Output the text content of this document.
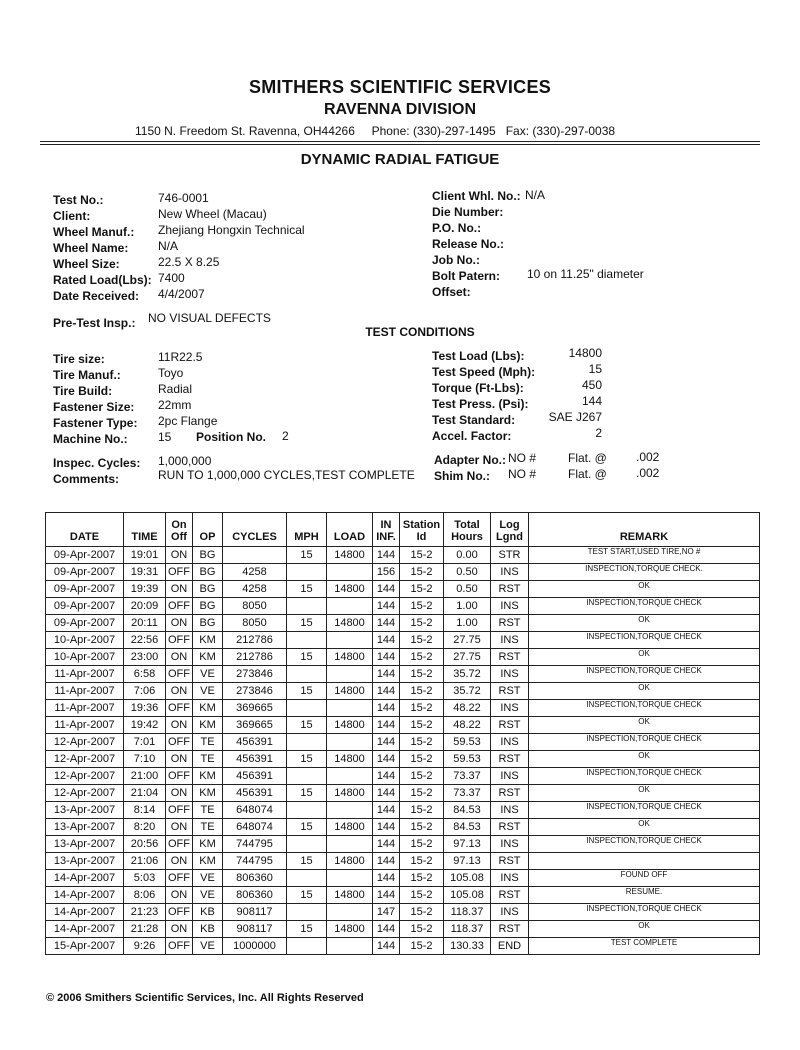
SMITHERS SCIENTIFIC SERVICES
RAVENNA DIVISION
1150 N. Freedom St. Ravenna, OH44266 Phone: (330)-297-1495 Fax: (330)-297-0038
DYNAMIC RADIAL FATIGUE
Test No.:	746-0001
Client:	New Wheel (Macau)
Wheel Manuf.: Zhejiang Hongxin Technical
Wheel Name: N/A
Wheel Size:	22.5 X 8.25
Rated Load(Lbs): 7400
Date Received: 4/4/2007
Client Whl. No.: N/A
Die Number:
P.O. No.:
Release No.:
Job No.:
Bolt Patern: 10 on 11.25" diameter
Offset:
Pre-Test Insp.: NO VISUAL DEFECTS
TEST CONDITIONS
Tire size:	11R22.5
Tire Manuf.:	Toyo
Tire Build:	Radial
Fastener Size: 22mm
Fastener Type: 2pc Flange
Machine No.:	15 Position No. 2
Test Load (Lbs):	14800
Test Speed (Mph):	15
Torque (Ft-Lbs):	450
Test Press. (Psi):	144
Test Standard:	SAE J267
Accel. Factor:	2
Inspec. Cycles: 1,000,000
Comments:	RUN TO 1,000,000 CYCLES,TEST COMPLETE
Adapter No.: NO #	Flat. @ .002
Shim No.: NO #	Flat. @ .002
DATE	TIME	On Off	OP	CYCLES	MPH	LOAD	IN INF.	Station Id	Total Hours	Log Lgnd	REMARK
09-Apr-2007	19:01	ON	BG		15	14800	144	15-2	0.00	STR	TEST START,USED TIRE,NO #
09-Apr-2007	19:31	OFF	BG	4258			156	15-2	0.50	INS	INSPECTION,TORQUE CHECK.
09-Apr-2007	19:39	ON	BG	4258	15	14800	144	15-2	0.50	RST	OK
09-Apr-2007	20:09	OFF	BG	8050			144	15-2	1.00	INS	INSPECTION,TORQUE CHECK
09-Apr-2007	20:11	ON	BG	8050	15	14800	144	15-2	1.00	RST	OK
10-Apr-2007	22:56	OFF	KM	212786			144	15-2	27.75	INS	INSPECTION,TORQUE CHECK
10-Apr-2007	23:00	ON	KM	212786	15	14800	144	15-2	27.75	RST	OK
11-Apr-2007	6:58	OFF	VE	273846			144	15-2	35.72	INS	INSPECTION,TORQUE CHECK
11-Apr-2007	7:06	ON	VE	273846	15	14800	144	15-2	35.72	RST	OK
11-Apr-2007	19:36	OFF	KM	369665			144	15-2	48.22	INS	INSPECTION,TORQUE CHECK
11-Apr-2007	19:42	ON	KM	369665	15	14800	144	15-2	48.22	RST	OK
12-Apr-2007	7:01	OFF	TE	456391			144	15-2	59.53	INS	INSPECTION,TORQUE CHECK
12-Apr-2007	7:10	ON	TE	456391	15	14800	144	15-2	59.53	RST	OK
12-Apr-2007	21:00	OFF	KM	456391			144	15-2	73.37	INS	INSPECTION,TORQUE CHECK
12-Apr-2007	21:04	ON	KM	456391	15	14800	144	15-2	73.37	RST	OK
13-Apr-2007	8:14	OFF	TE	648074			144	15-2	84.53	INS	INSPECTION,TORQUE CHECK
13-Apr-2007	8:20	ON	TE	648074	15	14800	144	15-2	84.53	RST	OK
13-Apr-2007	20:56	OFF	KM	744795			144	15-2	97.13	INS	INSPECTION,TORQUE CHECK
13-Apr-2007	21:06	ON	KM	744795	15	14800	144	15-2	97.13	RST	
14-Apr-2007	5:03	OFF	VE	806360			144	15-2	105.08	INS	FOUND OFF
14-Apr-2007	8:06	ON	VE	806360	15	14800	144	15-2	105.08	RST	RESUME.
14-Apr-2007	21:23	OFF	KB	908117			147	15-2	118.37	INS	INSPECTION,TORQUE CHECK
14-Apr-2007	21:28	ON	KB	908117	15	14800	144	15-2	118.37	RST	OK
15-Apr-2007	9:26	OFF	VE	1000000			144	15-2	130.33	END	TEST COMPLETE
© 2006 Smithers Scientific Services, Inc. All Rights Reserved
